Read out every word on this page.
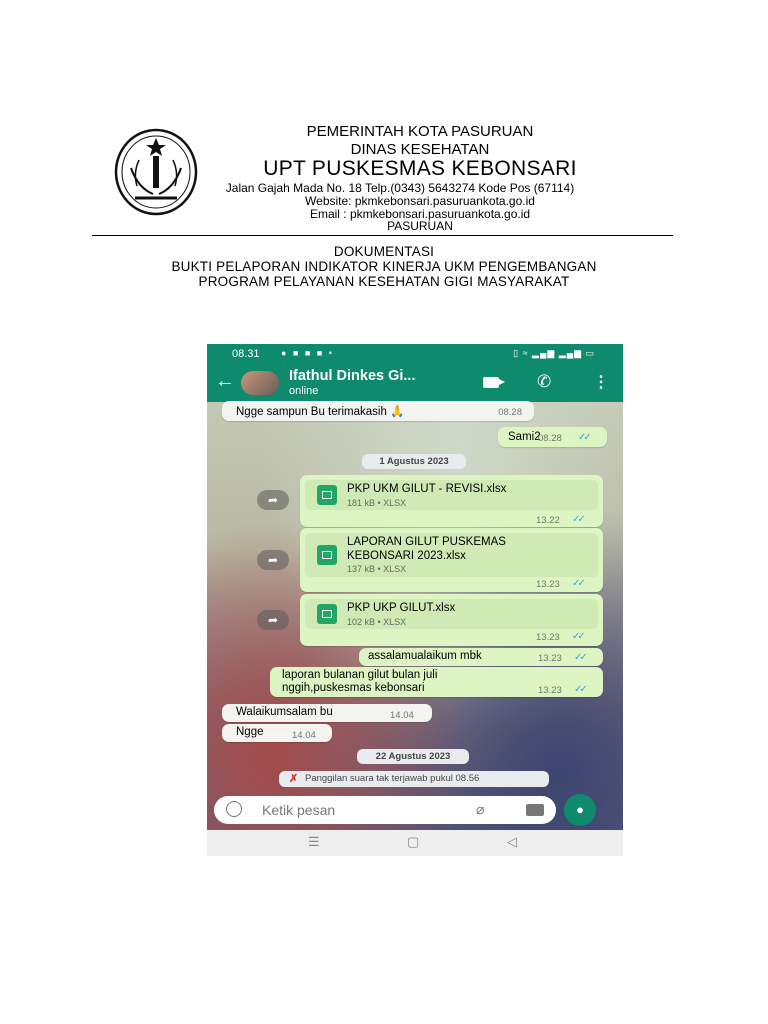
PEMERINTAH KOTA PASURUAN
DINAS KESEHATAN
UPT PUSKESMAS KEBONSARI
Jalan Gajah Mada No. 18 Telp.(0343) 5643274 Kode Pos (67114)
Website: pkmkebonsari.pasuruankota.go.id
Email : pkmkebonsari.pasuruankota.go.id
PASURUAN
DOKUMENTASI
BUKTI PELAPORAN INDIKATOR KINERJA UKM PENGEMBANGAN
PROGRAM PELAYANAN KESEHATAN GIGI MASYARAKAT
08.31 ● ■ ■ ■ •	▯ ≈ ▂▄▆ ▂▄▆ ▭
←	Ifathul Dinkes Gi...
online	✆	⋮
Ngge sampun Bu terimakasih 🙏	08.28
Sami2
08.28 ✓✓
1 Agustus 2023
➦
PKP UKM GILUT - REVISI.xlsx
181 kB • XLSX
13.22 ✓✓
➦
LAPORAN GILUT PUSKEMAS
KEBONSARI 2023.xlsx
137 kB • XLSX
13.23 ✓✓
➦
PKP UKP GILUT.xlsx
102 kB • XLSX
13.23 ✓✓
assalamualaikum mbk	13.23 ✓✓
laporan bulanan gilut bulan juli
nggih,puskesmas kebonsari	13.23 ✓✓
Walaikumsalam bu	14.04
Ngge	14.04
22 Agustus 2023
✗ Panggilan suara tak terjawab pukul 08.56
Ketik pesan	⌀	●
☰	▢	◁
